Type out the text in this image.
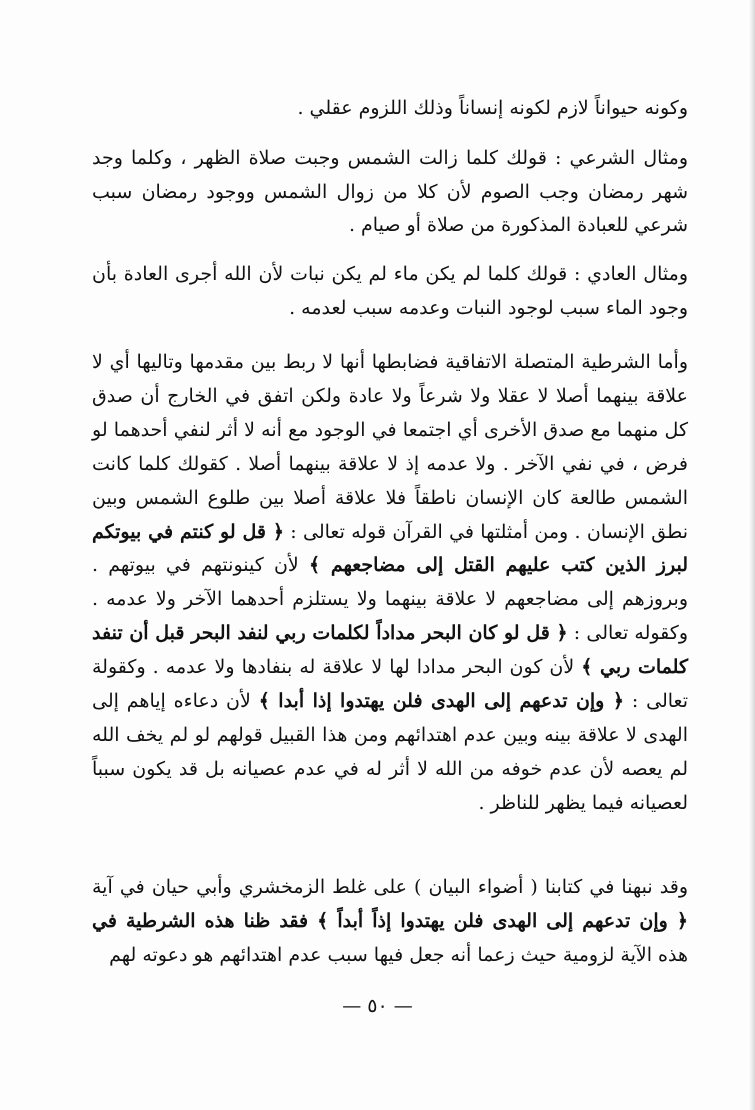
وكونه حيواناً لازم لكونه إنساناً وذلك اللزوم عقلي .

ومثال الشرعي : قولك كلما زالت الشمس وجبت صلاة الظهر ، وكلما وجد شهر رمضان وجب الصوم لأن كلا من زوال الشمس ووجود رمضان سبب شرعي للعبادة المذكورة من صلاة أو صيام .

ومثال العادي : قولك كلما لم يكن ماء لم يكن نبات لأن الله أجرى العادة بأن وجود الماء سبب لوجود النبات وعدمه سبب لعدمه .

وأما الشرطية المتصلة الاتفاقية فضابطها أنها لا ربط بين مقدمها وتاليها أي لا علاقة بينهما أصلا لا عقلا ولا شرعاً ولا عادة ولكن اتفق في الخارج أن صدق كل منهما مع صدق الأخرى أي اجتمعا في الوجود مع أنه لا أثر لنفي أحدهما لو فرض ، في نفي الآخر . ولا عدمه إذ لا علاقة بينهما أصلا . كقولك كلما كانت الشمس طالعة كان الإنسان ناطقاً فلا علاقة أصلا بين طلوع الشمس وبين نطق الإنسان . ومن أمثلتها في القرآن قوله تعالى : ﴿ قل لو كنتم في بيوتكم لبرز الذين كتب عليهم القتل إلى مضاجعهم ﴾ لأن كينونتهم في بيوتهم . وبروزهم إلى مضاجعهم لا علاقة بينهما ولا يستلزم أحدهما الآخر ولا عدمه . وكقوله تعالى : ﴿ قل لو كان البحر مداداً لكلمات ربي لنفد البحر قبل أن تنفد كلمات ربي ﴾ لأن كون البحر مدادا لها لا علاقة له بنفادها ولا عدمه . وكقولة تعالى : ﴿ وإن تدعهم إلى الهدى فلن يهتدوا إذا أبدا ﴾ لأن دعاءه إياهم إلى الهدى لا علاقة بينه وبين عدم اهتدائهم ومن هذا القبيل قولهم لو لم يخف الله لم يعصه لأن عدم خوفه من الله لا أثر له في عدم عصيانه بل قد يكون سبباً لعصيانه فيما يظهر للناظر .

وقد نبهنا في كتابنا ( أضواء البيان ) على غلط الزمخشري وأبي حيان في آية ﴿ وإن تدعهم إلى الهدى فلن يهتدوا إذاً أبداً ﴾ فقد ظنا هذه الشرطية في هذه الآية لزومية حيث زعما أنه جعل فيها سبب عدم اهتدائهم هو دعوته لهم

— ٥٠ —
